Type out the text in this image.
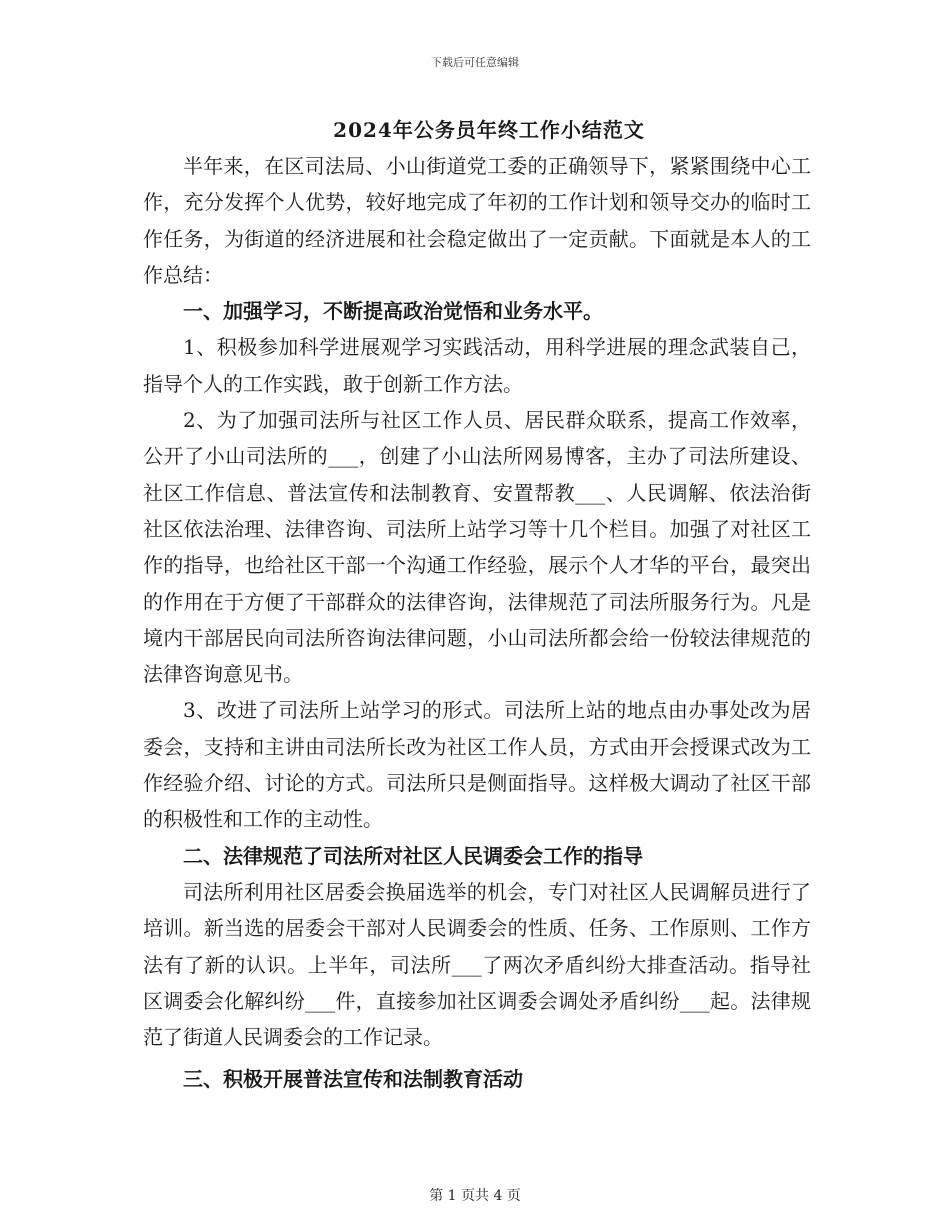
下载后可任意编辑
2024年公务员年终工作小结范文

半年来，在区司法局、小山街道党工委的正确领导下，紧紧围绕中心工作，充分发挥个人优势，较好地完成了年初的工作计划和领导交办的临时工作任务，为街道的经济进展和社会稳定做出了一定贡献。下面就是本人的工作总结：

一、加强学习，不断提高政治觉悟和业务水平。

1、积极参加科学进展观学习实践活动，用科学进展的理念武装自己，指导个人的工作实践，敢于创新工作方法。

2、为了加强司法所与社区工作人员、居民群众联系，提高工作效率，公开了小山司法所的___，创建了小山法所网易博客，主办了司法所建设、社区工作信息、普法宣传和法制教育、安置帮教___、人民调解、依法治街社区依法治理、法律咨询、司法所上站学习等十几个栏目。加强了对社区工作的指导，也给社区干部一个沟通工作经验，展示个人才华的平台，最突出的作用在于方便了干部群众的法律咨询，法律规范了司法所服务行为。凡是境内干部居民向司法所咨询法律问题，小山司法所都会给一份较法律规范的法律咨询意见书。

3、改进了司法所上站学习的形式。司法所上站的地点由办事处改为居委会，支持和主讲由司法所长改为社区工作人员，方式由开会授课式改为工作经验介绍、讨论的方式。司法所只是侧面指导。这样极大调动了社区干部的积极性和工作的主动性。

二、法律规范了司法所对社区人民调委会工作的指导

司法所利用社区居委会换届选举的机会，专门对社区人民调解员进行了培训。新当选的居委会干部对人民调委会的性质、任务、工作原则、工作方法有了新的认识。上半年，司法所___了两次矛盾纠纷大排查活动。指导社区调委会化解纠纷___件，直接参加社区调委会调处矛盾纠纷___起。法律规范了街道人民调委会的工作记录。

三、积极开展普法宣传和法制教育活动

第 1 页共 4 页
